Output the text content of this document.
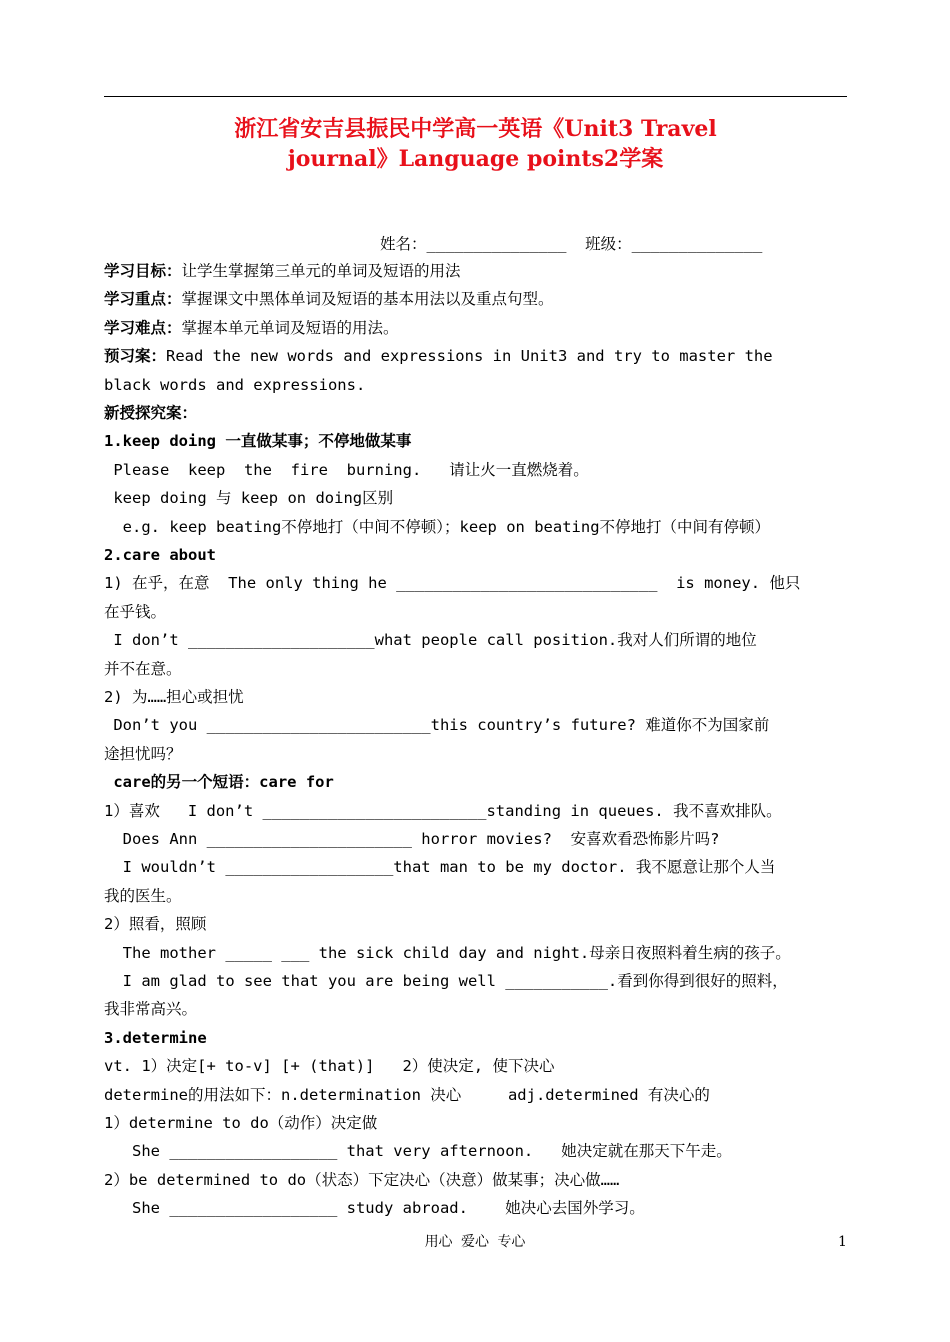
浙江省安吉县振民中学高一英语《Unit3 Travel
journal》Language points2学案
姓名：_______________  班级：______________
学习目标：让学生掌握第三单元的单词及短语的用法
学习重点：掌握课文中黑体单词及短语的基本用法以及重点句型。
学习难点：掌握本单元单词及短语的用法。
预习案：Read the new words and expressions in Unit3 and try to master the
black words and expressions.
新授探究案：
1.keep doing 一直做某事；不停地做某事
Please  keep  the  fire  burning.   请让火一直燃烧着。
keep doing 与 keep on doing区别
e.g. keep beating不停地打（中间不停顿）；keep on beating不停地打（中间有停顿）
2.care about
1) 在乎，在意  The only thing he ____________________________  is money. 他只
在乎钱。
I don’t ____________________what people call position.我对人们所谓的地位
并不在意。
2) 为……担心或担忧
Don’t you ________________________this country’s future? 难道你不为国家前
途担忧吗？
care的另一个短语：care for
1）喜欢   I don’t ________________________standing in queues. 我不喜欢排队。
Does Ann ______________________ horror movies?  安喜欢看恐怖影片吗?
I wouldn’t __________________that man to be my doctor. 我不愿意让那个人当
我的医生。
2）照看，照顾
The mother _____ ___ the sick child day and night.母亲日夜照料着生病的孩子。
I am glad to see that you are being well ___________.看到你得到很好的照料，
我非常高兴。
3.determine
vt. 1）决定[+ to-v] [+ (that)]   2）使决定, 使下决心
determine的用法如下：n.determination 决心     adj.determined 有决心的
1）determine to do（动作）决定做
She __________________ that very afternoon.   她决定就在那天下午走。
2）be determined to do（状态）下定决心（决意）做某事；决心做……
She __________________ study abroad.    她决心去国外学习。
用心 爱心 专心	1
